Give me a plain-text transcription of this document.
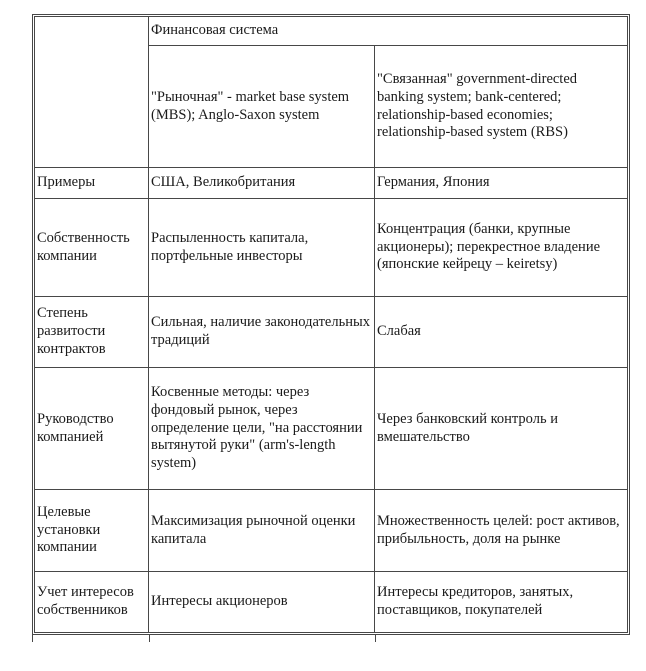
	Финансовая система	
	"Рыночная" - market base system (MBS); Anglo-Saxon system	"Связанная" government-directed banking system; bank-centered; relationship-based economies; relationship-based system (RBS)
Примеры	США, Великобритания	Германия, Япония
Собственность компании	Распыленность капитала, портфельные инвесторы	Концентрация (банки, крупные акционеры); перекрестное владение (японские кейрецу – keiretsy)
Степень развитости контрактов	Сильная, наличие законодательных традиций	Слабая
Руководство компанией	Косвенные методы: через фондовый рынок, через определение цели, "на расстоянии вытянутой руки" (arm's-length system)	Через банковский контроль и вмешательство
Целевые установки компании	Максимизация рыночной оценки капитала	Множественность целей: рост активов, прибыльность, доля на рынке
Учет интересов собственников	Интересы акционеров	Интересы кредиторов, занятых, поставщиков, покупателей
